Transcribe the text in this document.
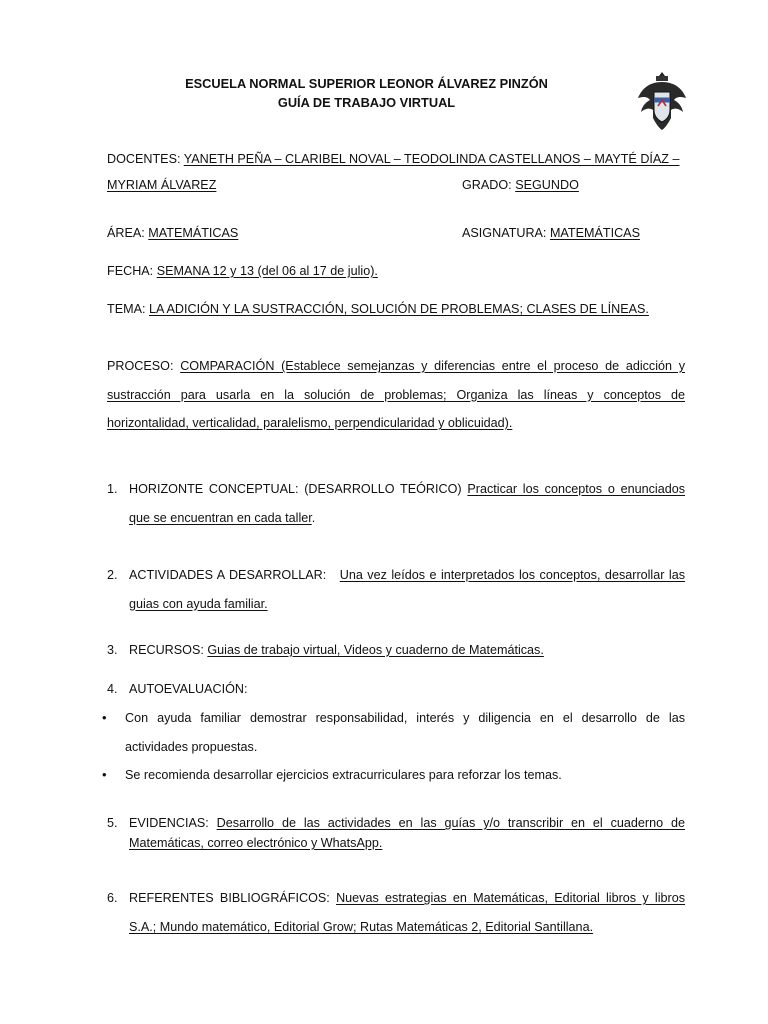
ESCUELA NORMAL SUPERIOR LEONOR ÁLVAREZ PINZÓN
GUÍA DE TRABAJO VIRTUAL
DOCENTES: YANETH PEÑA – CLARIBEL NOVAL – TEODOLINDA CASTELLANOS – MAYTÉ DÍAZ –
MYRIAM ÁLVAREZ	GRADO: SEGUNDO
ÁREA: MATEMÁTICAS	ASIGNATURA: MATEMÁTICAS
FECHA: SEMANA 12 y 13 (del 06 al 17 de julio).
TEMA: LA ADICIÓN Y LA SUSTRACCIÓN, SOLUCIÓN DE PROBLEMAS; CLASES DE LÍNEAS.
PROCESO: COMPARACIÓN (Establece semejanzas y diferencias entre el proceso de adicción y sustracción para usarla en la solución de problemas; Organiza las líneas y conceptos de horizontalidad, verticalidad, paralelismo, perpendicularidad y oblicuidad).
1. HORIZONTE CONCEPTUAL: (DESARROLLO TEÓRICO) Practicar los conceptos o enunciados que se encuentran en cada taller.
2. ACTIVIDADES A DESARROLLAR: Una vez leídos e interpretados los conceptos, desarrollar las guias con ayuda familiar.
3. RECURSOS: Guias de trabajo virtual, Videos y cuaderno de Matemáticas.
4. AUTOEVALUACIÓN:
• Con ayuda familiar demostrar responsabilidad, interés y diligencia en el desarrollo de las actividades propuestas.
• Se recomienda desarrollar ejercicios extracurriculares para reforzar los temas.
5. EVIDENCIAS: Desarrollo de las actividades en las guías y/o transcribir en el cuaderno de Matemáticas, correo electrónico y WhatsApp.
6. REFERENTES BIBLIOGRÁFICOS: Nuevas estrategias en Matemáticas, Editorial libros y libros S.A.; Mundo matemático, Editorial Grow; Rutas Matemáticas 2, Editorial Santillana.
